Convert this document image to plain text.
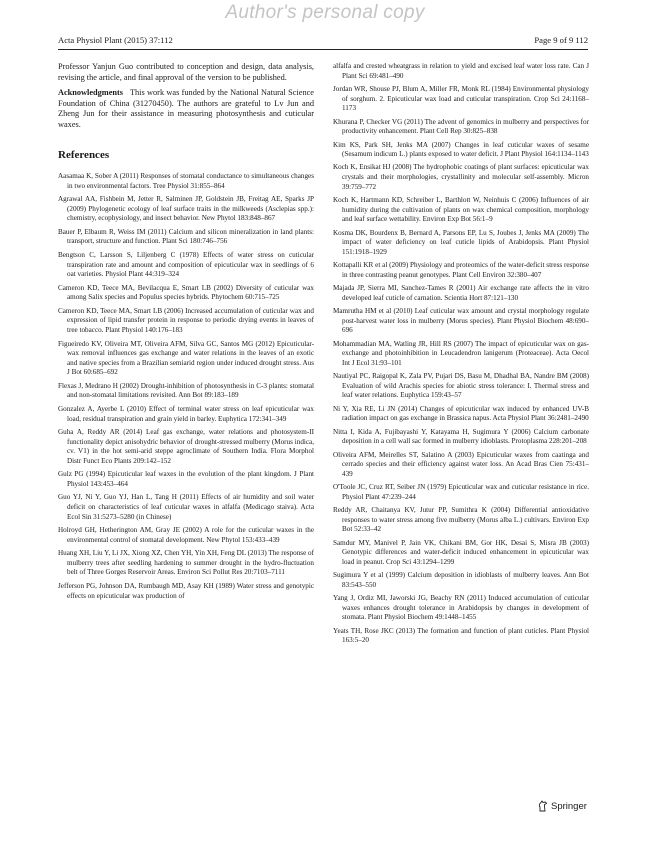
Author's personal copy
Acta Physiol Plant (2015) 37:112	Page 9 of 9 112

Professor Yanjun Guo contributed to conception and design, data analysis, revising the article, and final approval of the version to be published.

Acknowledgments This work was funded by the National Natural Science Foundation of China (31270450). The authors are grateful to Lv Jun and Zheng Jun for their assistance in measuring photosynthesis and cuticular waxes.

References

Aasamaa K, Sober A (2011) Responses of stomatal conductance to simultaneous changes in two environmental factors. Tree Physiol 31:855–864

Agrawal AA, Fishbein M, Jetter R, Salminen JP, Goldstein JB, Freitag AE, Sparks JP (2009) Phylogenetic ecology of leaf surface traits in the milkweeds (Asclepias spp.): chemistry, ecophysiology, and insect behavior. New Phytol 183:848–867

Bauer P, Elbaum R, Weiss IM (2011) Calcium and silicon mineralization in land plants: transport, structure and function. Plant Sci 180:746–756

Bengtson C, Larsson S, Liljenberg C (1978) Effects of water stress on cuticular transpiration rate and amount and composition of epicuticular wax in seedlings of 6 oat varieties. Physiol Plant 44:319–324

Cameron KD, Teece MA, Bevilacqua E, Smart LB (2002) Diversity of cuticular wax among Salix species and Populus species hybrids. Phytochem 60:715–725

Cameron KD, Teece MA, Smart LB (2006) Increased accumulation of cuticular wax and expression of lipid transfer protein in response to periodic drying events in leaves of tree tobacco. Plant Physiol 140:176–183

Figueiredo KV, Oliveira MT, Oliveira AFM, Silva GC, Santos MG (2012) Epicuticular-wax removal influences gas exchange and water relations in the leaves of an exotic and native species from a Brazilian semiarid region under induced drought stress. Aus J Bot 60:685–692

Flexas J, Medrano H (2002) Drought-inhibition of photosynthesis in C-3 plants: stomatal and non-stomatal limitations revisited. Ann Bot 89:183–189

Gonzalez A, Ayerbe L (2010) Effect of terminal water stress on leaf epicuticular wax load, residual transpiration and grain yield in barley. Euphytica 172:341–349

Guha A, Reddy AR (2014) Leaf gas exchange, water relations and photosystem-II functionality depict anisohydric behavior of drought-stressed mulberry (Morus indica, cv. V1) in the hot semi-arid steppe agroclimate of Southern India. Flora Morphol Distr Funct Eco Plants 209:142–152

Gulz PG (1994) Epicuticular leaf waxes in the evolution of the plant kingdom. J Plant Physiol 143:453–464

Guo YJ, Ni Y, Guo YJ, Han L, Tang H (2011) Effects of air humidity and soil water deficit on characteristics of leaf cuticular waxes in alfalfa (Medicago staiva). Acta Ecol Sin 31:5273–5280 (in Chinese)

Holroyd GH, Hetherington AM, Gray JE (2002) A role for the cuticular waxes in the environmental control of stomatal development. New Phytol 153:433–439

Huang XH, Liu Y, Li JX, Xiong XZ, Chen YH, Yin XH, Feng DL (2013) The response of mulberry trees after seedling hardening to summer drought in the hydro-fluctuation belt of Three Gorges Reservoir Areas. Environ Sci Pollut Res 20:7103–7111

Jefferson PG, Johnson DA, Rumbaugh MD, Asay KH (1989) Water stress and genotypic effects on epicuticular wax production of

alfalfa and crested wheatgrass in relation to yield and excised leaf water loss rate. Can J Plant Sci 69:481–490

Jordan WR, Shouse PJ, Blum A, Miller FR, Monk RL (1984) Environmental physiology of sorghum. 2. Epicuticular wax load and cuticular transpiration. Crop Sci 24:1168–1173

Khurana P, Checker VG (2011) The advent of genomics in mulberry and perspectives for productivity enhancement. Plant Cell Rep 30:825–838

Kim KS, Park SH, Jenks MA (2007) Changes in leaf cuticular waxes of sesame (Sesamum indicum L.) plants exposed to water deficit. J Plant Physiol 164:1134–1143

Koch K, Ensikat HJ (2008) The hydrophobic coatings of plant surfaces: epicuticular wax crystals and their morphologies, crystallinity and molecular self-assembly. Micron 39:759–772

Koch K, Hartmann KD, Schreiber L, Barthlott W, Neinhuis C (2006) Influences of air humidity during the cultivation of plants on wax chemical composition, morphology and leaf surface wettability. Environ Exp Bot 56:1–9

Kosma DK, Bourdenx B, Bernard A, Parsons EP, Lu S, Joubes J, Jenks MA (2009) The impact of water deficiency on leaf cuticle lipids of Arabidopsis. Plant Physiol 151:1918–1929

Kottapalli KR et al (2009) Physiology and proteomics of the water-deficit stress response in three contrasting peanut genotypes. Plant Cell Environ 32:380–407

Majada JP, Sierra MI, Sanchez-Tames R (2001) Air exchange rate affects the in vitro developed leaf cuticle of carnation. Scientia Hort 87:121–130

Mamrutha HM et al (2010) Leaf cuticular wax amount and crystal morphology regulate post-harvest water loss in mulberry (Morus species). Plant Physiol Biochem 48:690–696

Mohammadian MA, Watling JR, Hill RS (2007) The impact of epicuticular wax on gas-exchange and photoinhibition in Leucadendron lanigerum (Proteaceae). Acta Oecol Int J Ecol 31:93–101

Nautiyal PC, Raigopal K, Zala PV, Pujari DS, Basu M, Dhadhal BA, Nandre BM (2008) Evaluation of wild Arachis species for abiotic stress tolerance: I. Thermal stress and leaf water relations. Euphytica 159:43–57

Ni Y, Xia RE, Li JN (2014) Changes of epicuticular wax induced by enhanced UV-B radiation impact on gas exchange in Brassica napus. Acta Physiol Plant 36:2481–2490

Nitta I, Kida A, Fujibayashi Y, Katayama H, Sugimura Y (2006) Calcium carbonate deposition in a cell wall sac formed in mulberry idioblasts. Protoplasma 228:201–208

Oliveira AFM, Meirelles ST, Salatino A (2003) Epicuticular waxes from caatinga and cerrado species and their efficiency against water loss. An Acad Bras Cien 75:431–439

O'Toole JC, Cruz RT, Seiber JN (1979) Epicuticular wax and cuticular resistance in rice. Physiol Plant 47:239–244

Reddy AR, Chaitanya KV, Jutur PP, Sumithra K (2004) Differential antioxidative responses to water stress among five mulberry (Morus alba L.) cultivars. Environ Exp Bot 52:33–42

Samdur MY, Manivel P, Jain VK, Chikani BM, Gor HK, Desai S, Misra JB (2003) Genotypic differences and water-deficit induced enhancement in epicuticular wax load in peanut. Crop Sci 43:1294–1299

Sugimura Y et al (1999) Calcium deposition in idioblasts of mulberry leaves. Ann Bot 83:543–550

Yang J, Ordiz MI, Jaworski JG, Beachy RN (2011) Induced accumulation of cuticular waxes enhances drought tolerance in Arabidopsis by changes in development of stomata. Plant Physiol Biochem 49:1448–1455

Yeats TH, Rose JKC (2013) The formation and function of plant cuticles. Plant Physiol 163:5–20

Springer
